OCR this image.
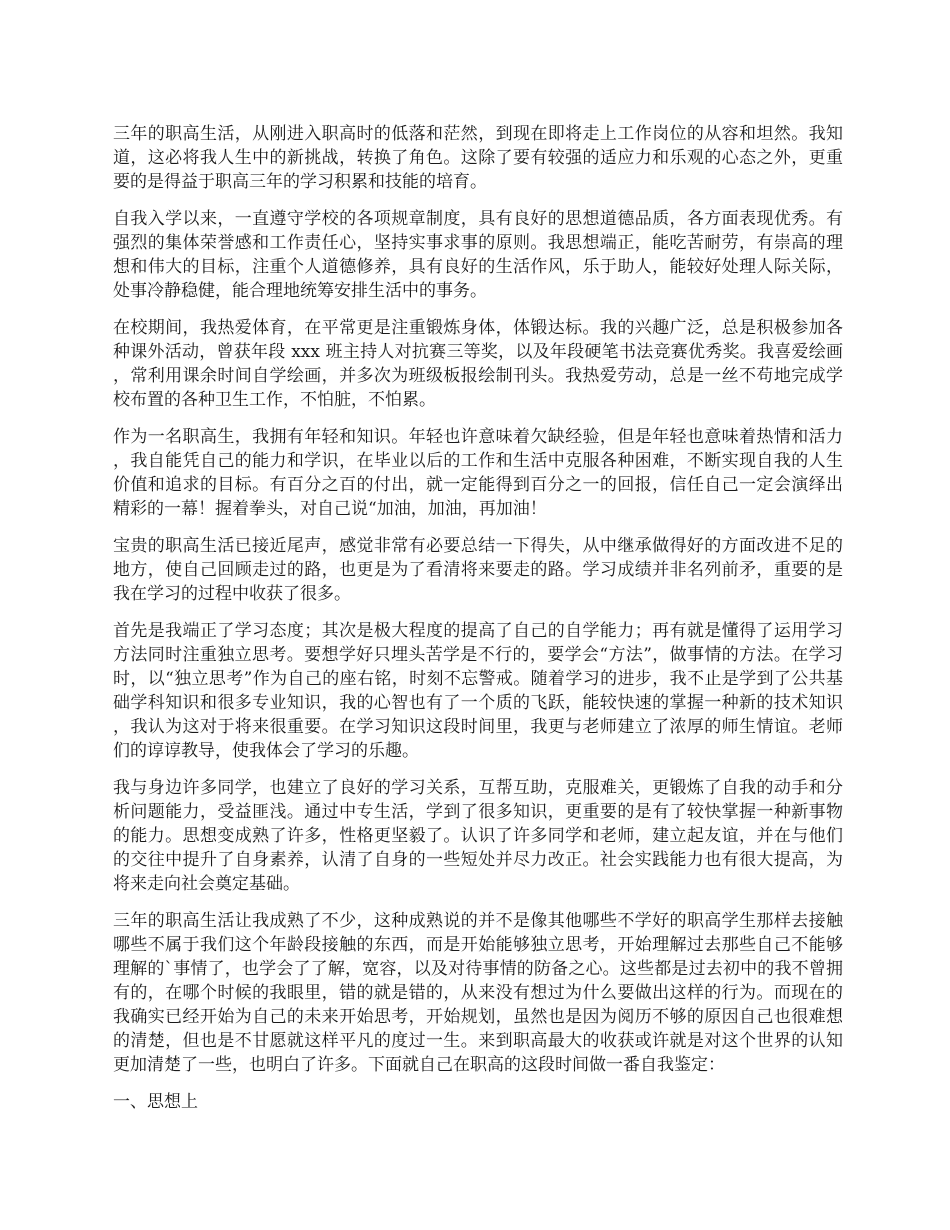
三年的职高生活，从刚进入职高时的低落和茫然，到现在即将走上工作岗位的从容和坦然。我知道，这必将我人生中的新挑战，转换了角色。这除了要有较强的适应力和乐观的心态之外，更重要的是得益于职高三年的学习积累和技能的培育。

自我入学以来，一直遵守学校的各项规章制度，具有良好的思想道德品质，各方面表现优秀。有强烈的集体荣誉感和工作责任心，坚持实事求事的原则。我思想端正，能吃苦耐劳，有崇高的理想和伟大的目标，注重个人道德修养，具有良好的生活作风，乐于助人，能较好处理人际关际，处事冷静稳健，能合理地统筹安排生活中的事务。

在校期间，我热爱体育，在平常更是注重锻炼身体，体锻达标。我的兴趣广泛，总是积极参加各种课外活动，曾获年段 xxx 班主持人对抗赛三等奖，以及年段硬笔书法竞赛优秀奖。我喜爱绘画，常利用课余时间自学绘画，并多次为班级板报绘制刊头。我热爱劳动，总是一丝不苟地完成学校布置的各种卫生工作，不怕脏，不怕累。

作为一名职高生，我拥有年轻和知识。年轻也许意味着欠缺经验，但是年轻也意味着热情和活力，我自能凭自己的能力和学识，在毕业以后的工作和生活中克服各种困难，不断实现自我的人生价值和追求的目标。有百分之百的付出，就一定能得到百分之一的回报，信任自己一定会演绎出精彩的一幕！握着拳头，对自己说“加油，加油，再加油！

宝贵的职高生活已接近尾声，感觉非常有必要总结一下得失，从中继承做得好的方面改进不足的地方，使自己回顾走过的路，也更是为了看清将来要走的路。学习成绩并非名列前矛，重要的是我在学习的过程中收获了很多。

首先是我端正了学习态度；其次是极大程度的提高了自己的自学能力；再有就是懂得了运用学习方法同时注重独立思考。要想学好只埋头苦学是不行的，要学会“方法”，做事情的方法。在学习时，以“独立思考”作为自己的座右铭，时刻不忘警戒。随着学习的进步，我不止是学到了公共基础学科知识和很多专业知识，我的心智也有了一个质的飞跃，能较快速的掌握一种新的技术知识，我认为这对于将来很重要。在学习知识这段时间里，我更与老师建立了浓厚的师生情谊。老师们的谆谆教导，使我体会了学习的乐趣。

我与身边许多同学，也建立了良好的学习关系，互帮互助，克服难关，更锻炼了自我的动手和分析问题能力，受益匪浅。通过中专生活，学到了很多知识，更重要的是有了较快掌握一种新事物的能力。思想变成熟了许多，性格更坚毅了。认识了许多同学和老师，建立起友谊，并在与他们的交往中提升了自身素养，认清了自身的一些短处并尽力改正。社会实践能力也有很大提高，为将来走向社会奠定基础。

三年的职高生活让我成熟了不少，这种成熟说的并不是像其他哪些不学好的职高学生那样去接触哪些不属于我们这个年龄段接触的东西，而是开始能够独立思考，开始理解过去那些自己不能够理解的`事情了，也学会了了解，宽容，以及对待事情的防备之心。这些都是过去初中的我不曾拥有的，在哪个时候的我眼里，错的就是错的，从来没有想过为什么要做出这样的行为。而现在的我确实已经开始为自己的未来开始思考，开始规划，虽然也是因为阅历不够的原因自己也很难想的清楚，但也是不甘愿就这样平凡的度过一生。来到职高最大的收获或许就是对这个世界的认知更加清楚了一些，也明白了许多。下面就自己在职高的这段时间做一番自我鉴定：

一、思想上
